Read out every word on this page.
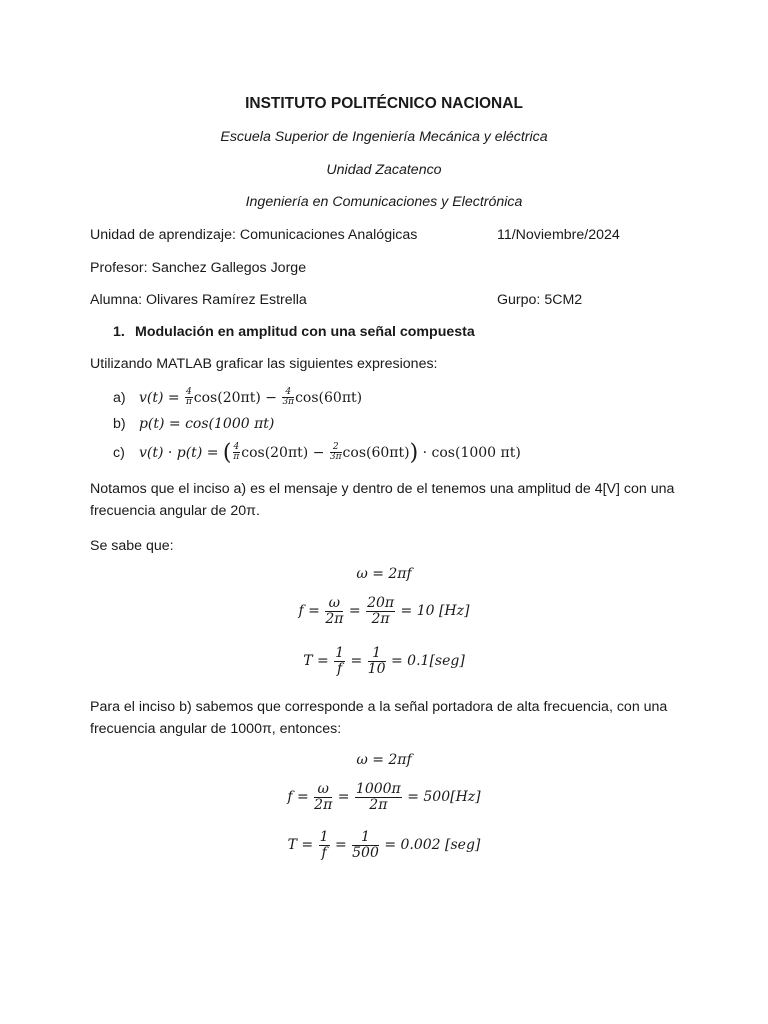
INSTITUTO POLITÉCNICO NACIONAL
Escuela Superior de Ingeniería Mecánica y eléctrica
Unidad Zacatenco
Ingeniería en Comunicaciones y Electrónica
Unidad de aprendizaje: Comunicaciones Analógicas	11/Noviembre/2024
Profesor: Sanchez Gallegos Jorge
Alumna: Olivares Ramírez Estrella	Gurpo: 5CM2
1. Modulación en amplitud con una señal compuesta
Utilizando MATLAB graficar las siguientes expresiones:
a) $v(t) = \frac{4}{\pi} \cos(20\pi t) - \frac{4}{3\pi} \cos(60\pi t)$
b) p(t) = cos(1000 πt)
c) v(t) · p(t) = ( $\frac{4}{\pi} \cos(20\pi t) - \frac{2}{3\pi} \cos(60\pi t)) \cdot \cos(1000$ πt)
Notamos que el inciso a) es el mensaje y dentro de el tenemos una amplitud de 4[V] con una frecuencia angular de 20π.
Se sabe que:
ω = 2πf
$f = \frac{\omega}{2\pi} = \frac{20\pi}{2\pi} = 10$ [Hz]
$T = \frac{1}{f} = \frac{1}{10} = 0.1[seg]$
Para el inciso b) sabemos que corresponde a la señal portadora de alta frecuencia, con una frecuencia angular de 1000π, entonces:
ω = 2πf
$f = \frac{\omega}{2\pi} = \frac{1000\pi}{2\pi} = 500[Hz]$
$T = \frac{1}{f} = \frac{1}{500} = 0.002$ [seg]
